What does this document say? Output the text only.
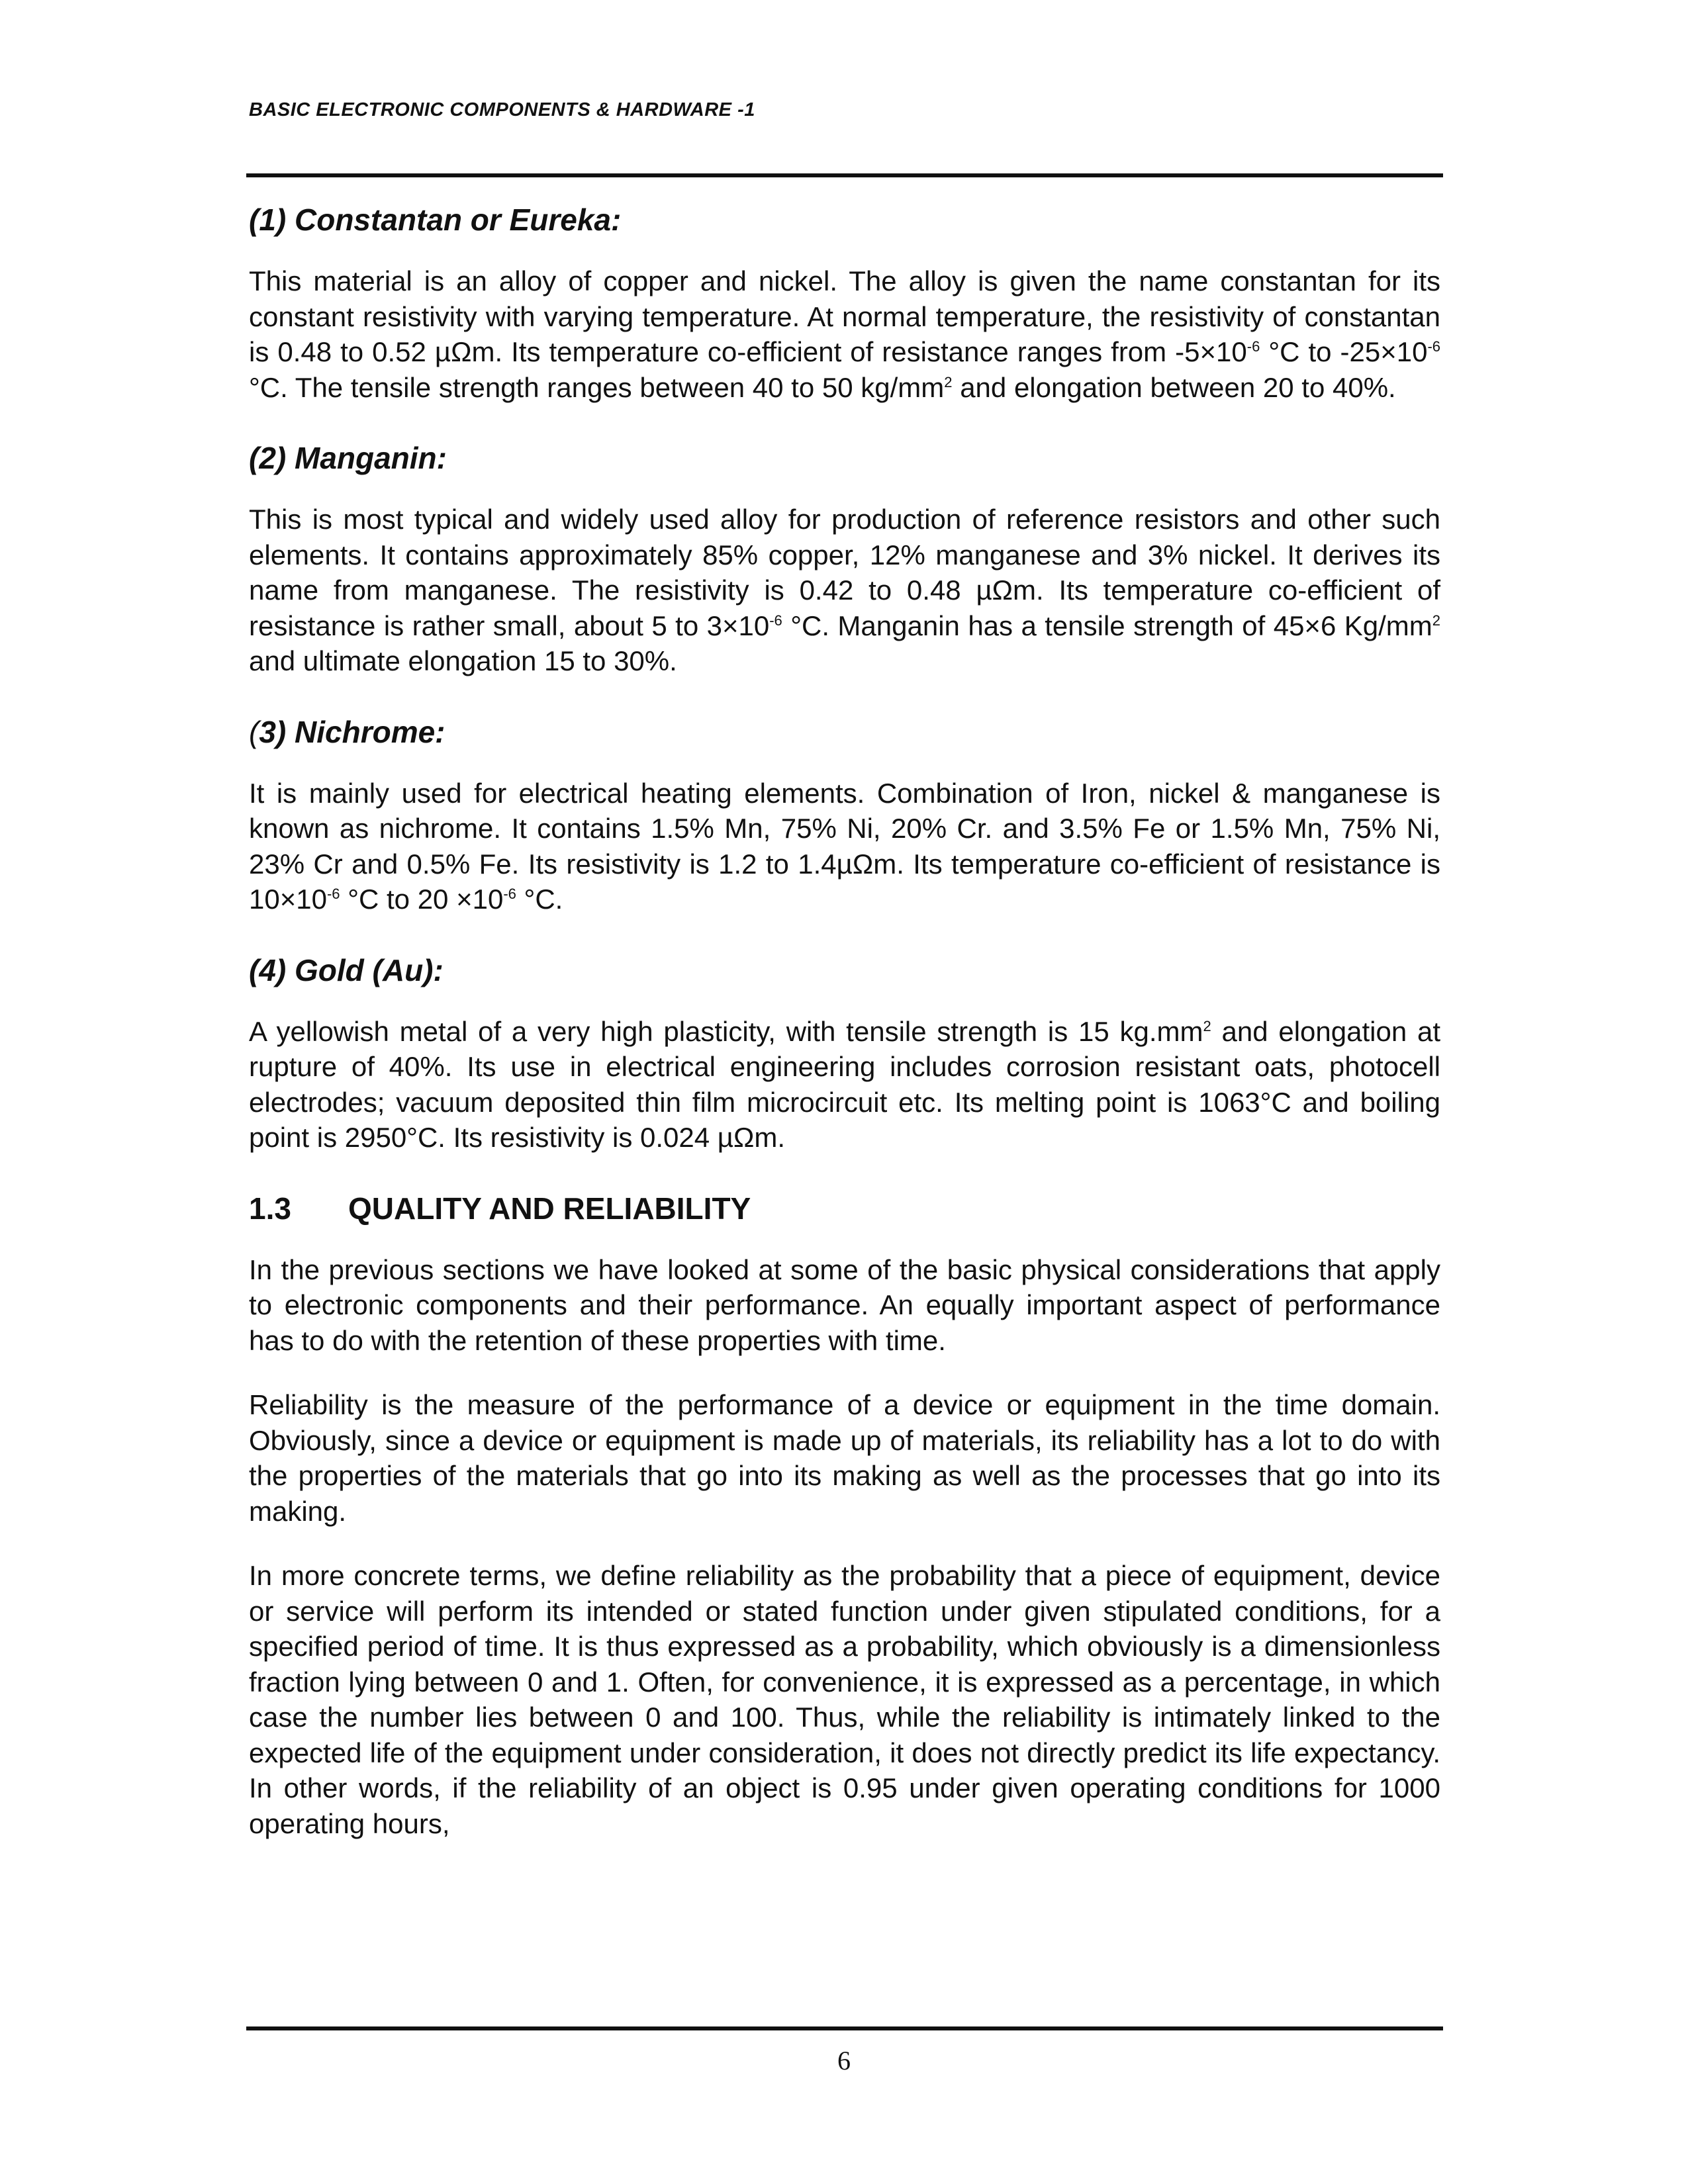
BASIC ELECTRONIC COMPONENTS & HARDWARE -1
(1) Constantan or Eureka:

This material is an alloy of copper and nickel. The alloy is given the name constantan for its constant resistivity with varying temperature. At normal temperature, the resistivity of constantan is 0.48 to 0.52 µΩm. Its temperature co-efficient of resistance ranges from $-5\times 10^{-6}$ °C to $-25\times 10^{-6}$ °C. The tensile strength ranges between 40 to 50 $kg/mm^2$ and elongation between 20 to 40%.

(2) Manganin:

This is most typical and widely used alloy for production of reference resistors and other such elements. It contains approximately 85% copper, 12% manganese and 3% nickel. It derives its name from manganese. The resistivity is 0.42 to 0.48 µΩm. Its temperature co-efficient of resistance is rather small, about 5 to $3\times 10^{-6}$ °C. Manganin has a tensile strength of 45×6 $Kg/mm^2$ and ultimate elongation 15 to 30%.

(3) Nichrome:

It is mainly used for electrical heating elements. Combination of Iron, nickel & manganese is known as nichrome. It contains 1.5% Mn, 75% Ni, 20% Cr. and 3.5% Fe or 1.5% Mn, 75% Ni, 23% Cr and 0.5% Fe. Its resistivity is 1.2 to 1.4µΩm. Its temperature co-efficient of resistance is $10\times 10^{-6}$ °C to $20 \times 10^{-6}$ °C.

(4) Gold (Au):

A yellowish metal of a very high plasticity, with tensile strength is 15 $kg.mm^2$ and elongation at rupture of 40%. Its use in electrical engineering includes corrosion resistant oats, photocell electrodes; vacuum deposited thin film microcircuit etc. Its melting point is 1063°C and boiling point is 2950°C. Its resistivity is 0.024 µΩm.

1.3 QUALITY AND RELIABILITY

In the previous sections we have looked at some of the basic physical considerations that apply to electronic components and their performance. An equally important aspect of performance has to do with the retention of these properties with time.

Reliability is the measure of the performance of a device or equipment in the time domain. Obviously, since a device or equipment is made up of materials, its reliability has a lot to do with the properties of the materials that go into its making as well as the processes that go into its making.

In more concrete terms, we define reliability as the probability that a piece of equipment, device or service will perform its intended or stated function under given stipulated conditions, for a specified period of time. It is thus expressed as a probability, which obviously is a dimensionless fraction lying between 0 and 1. Often, for convenience, it is expressed as a percentage, in which case the number lies between 0 and 100. Thus, while the reliability is intimately linked to the expected life of the equipment under consideration, it does not directly predict its life expectancy. In other words, if the reliability of an object is 0.95 under given operating conditions for 1000 operating hours,

6
